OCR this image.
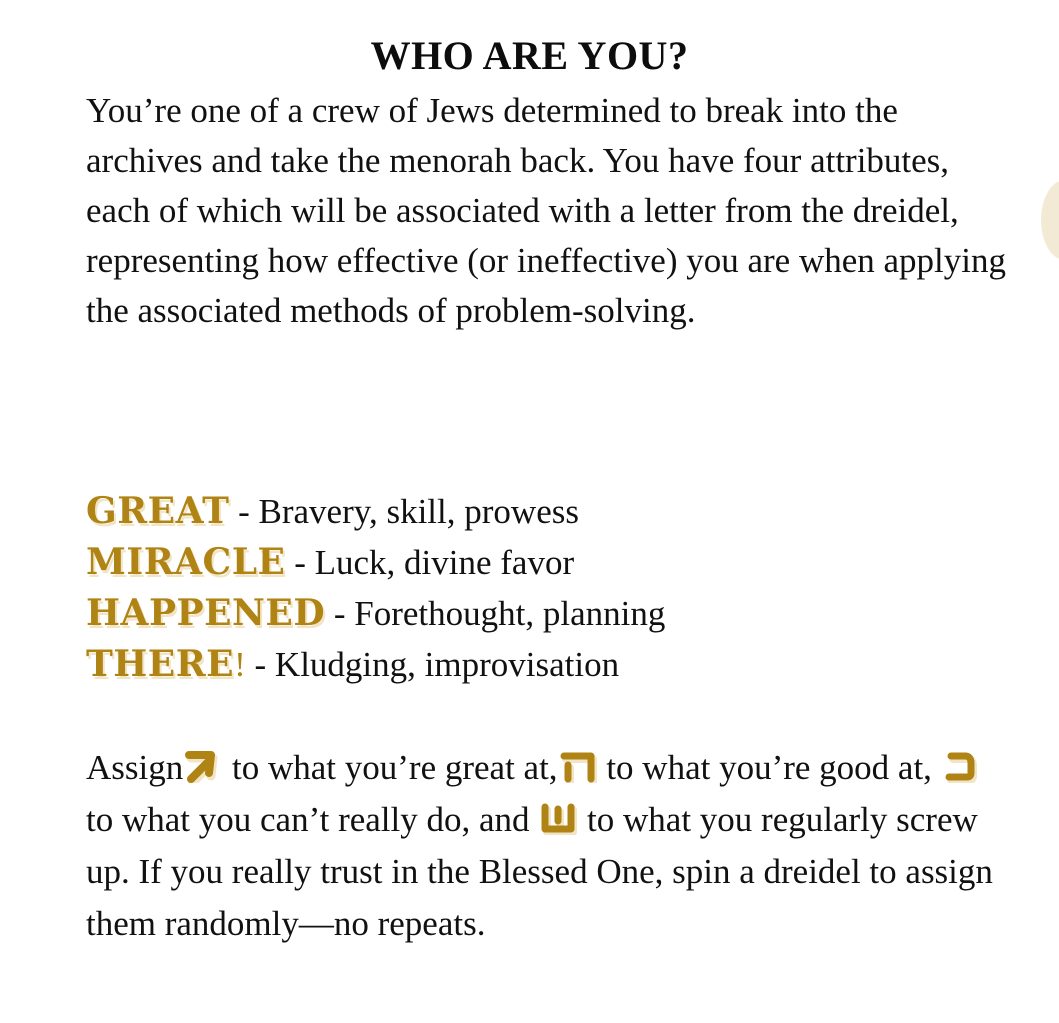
WHO ARE YOU?

You’re one of a crew of Jews determined to break into the archives and take the menorah back. You have four attributes, each of which will be associated with a letter from the dreidel, representing how effective (or ineffective) you are when applying the associated methods of problem-solving.

GREAT - Bravery, skill, prowess
MIRACLE - Luck, divine favor
HAPPENED - Forethought, planning
THERE! - Kludging, improvisation

Assign
to what you’re great at,
to what you’re good at,
to what you can’t really do, and
to what you regularly screw up. If you really trust in the Blessed One, spin a dreidel to assign them randomly—no repeats.
